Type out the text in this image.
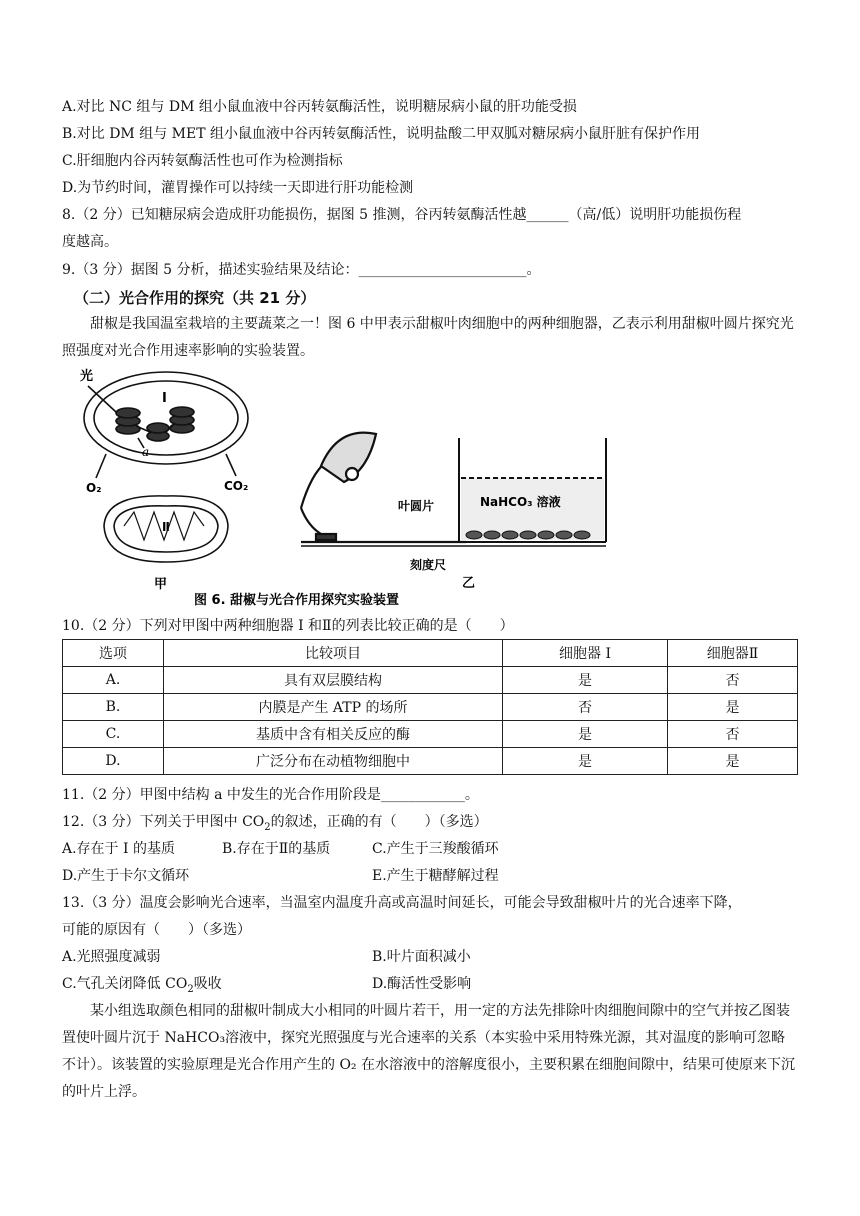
A.对比 NC 组与 DM 组小鼠血液中谷丙转氨酶活性，说明糖尿病小鼠的肝功能受损
B.对比 DM 组与 MET 组小鼠血液中谷丙转氨酶活性，说明盐酸二甲双胍对糖尿病小鼠肝脏有保护作用
C.肝细胞内谷丙转氨酶活性也可作为检测指标
D.为节约时间，灌胃操作可以持续一天即进行肝功能检测
8.（2 分）已知糖尿病会造成肝功能损伤，据图 5 推测，谷丙转氨酶活性越______（高/低）说明肝功能损伤程
度越高。
9.（3 分）据图 5 分析，描述实验结果及结论：________________________。
（二）光合作用的探究（共 21 分）
甜椒是我国温室栽培的主要蔬菜之一！图 6 中甲表示甜椒叶肉细胞中的两种细胞器，乙表示利用甜椒叶圆片探究光照强度对光合作用速率影响的实验装置。
光
I
a
O₂	CO₂
Ⅱ
甲
NaHCO₃ 溶液
叶圆片
刻度尺
乙
图 6. 甜椒与光合作用探究实验装置
10.（2 分）下列对甲图中两种细胞器 I 和Ⅱ的列表比较正确的是（　　）
选项	比较项目	细胞器 I	细胞器Ⅱ
A.	具有双层膜结构	是	否
B.	内膜是产生 ATP 的场所	否	是
C.	基质中含有相关反应的酶	是	否
D.	广泛分布在动植物细胞中	是	是
11.（2 分）甲图中结构 a 中发生的光合作用阶段是____________。
12.（3 分）下列关于甲图中 $CO_2$的叙述，正确的有（　　）（多选）
A.存在于 I 的基质	B.存在于Ⅱ的基质	C.产生于三羧酸循环
D.产生于卡尔文循环	E.产生于糖酵解过程
13.（3 分）温度会影响光合速率，当温室内温度升高或高温时间延长，可能会导致甜椒叶片的光合速率下降，
可能的原因有（　　）（多选）
A.光照强度减弱	B.叶片面积减小
C.气孔关闭降低 $CO_2$吸收	D.酶活性受影响
某小组选取颜色相同的甜椒叶制成大小相同的叶圆片若干，用一定的方法先排除叶肉细胞间隙中的空气并按乙图装置使叶圆片沉于 NaHCO₃溶液中，探究光照强度与光合速率的关系（本实验中采用特殊光源，其对温度的影响可忽略不计）。该装置的实验原理是光合作用产生的 O₂ 在水溶液中的溶解度很小，主要积累在细胞间隙中，结果可使原来下沉的叶片上浮。
